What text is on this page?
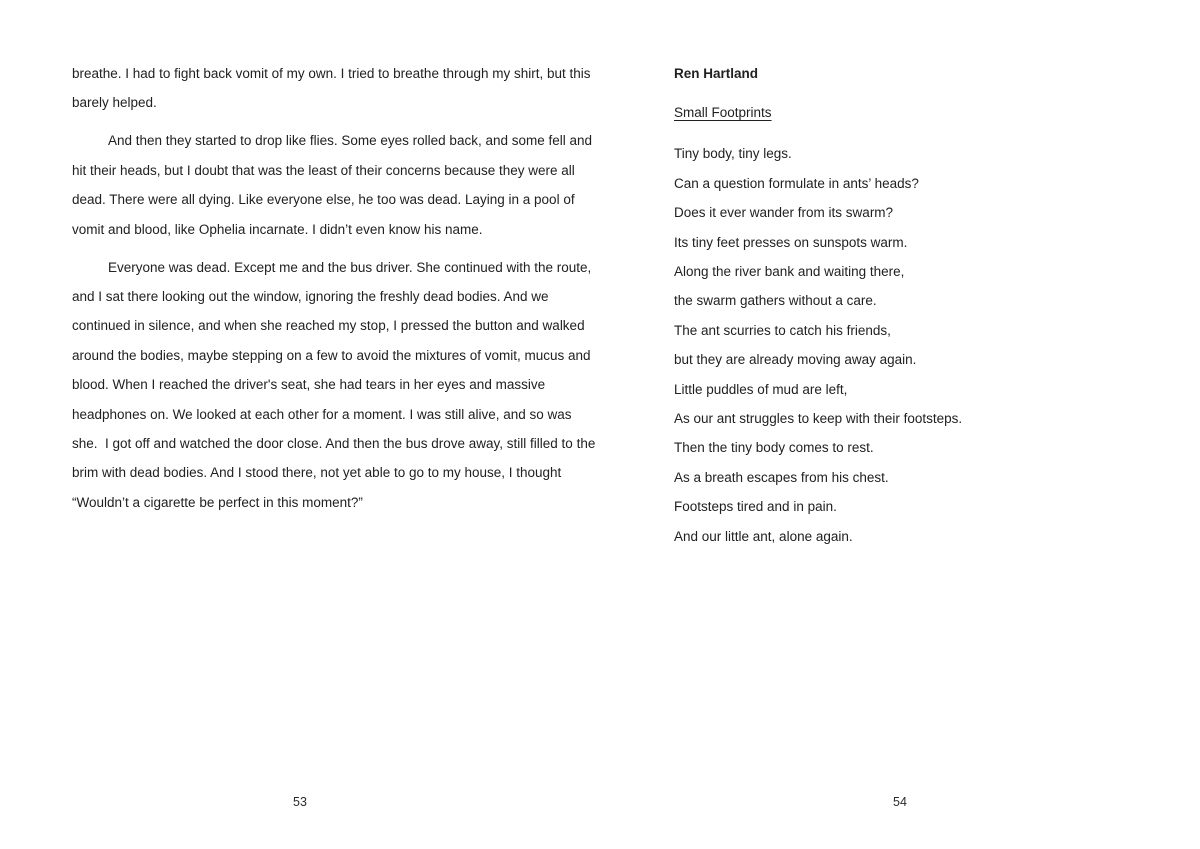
breathe. I had to fight back vomit of my own. I tried to breathe through my shirt, but this
barely helped.
And then they started to drop like flies. Some eyes rolled back, and some fell and
hit their heads, but I doubt that was the least of their concerns because they were all
dead. There were all dying. Like everyone else, he too was dead. Laying in a pool of
vomit and blood, like Ophelia incarnate. I didn’t even know his name.
Everyone was dead. Except me and the bus driver. She continued with the route,
and I sat there looking out the window, ignoring the freshly dead bodies. And we
continued in silence, and when she reached my stop, I pressed the button and walked
around the bodies, maybe stepping on a few to avoid the mixtures of vomit, mucus and
blood. When I reached the driver's seat, she had tears in her eyes and massive
headphones on. We looked at each other for a moment. I was still alive, and so was
she.  I got off and watched the door close. And then the bus drove away, still filled to the
brim with dead bodies. And I stood there, not yet able to go to my house, I thought
“Wouldn’t a cigarette be perfect in this moment?”
53
Ren Hartland
Small Footprints
Tiny body, tiny legs.
Can a question formulate in ants’ heads?
Does it ever wander from its swarm?
Its tiny feet presses on sunspots warm.
Along the river bank and waiting there,
the swarm gathers without a care.
The ant scurries to catch his friends,
but they are already moving away again.
Little puddles of mud are left,
As our ant struggles to keep with their footsteps.
Then the tiny body comes to rest.
As a breath escapes from his chest.
Footsteps tired and in pain.
And our little ant, alone again.
54
